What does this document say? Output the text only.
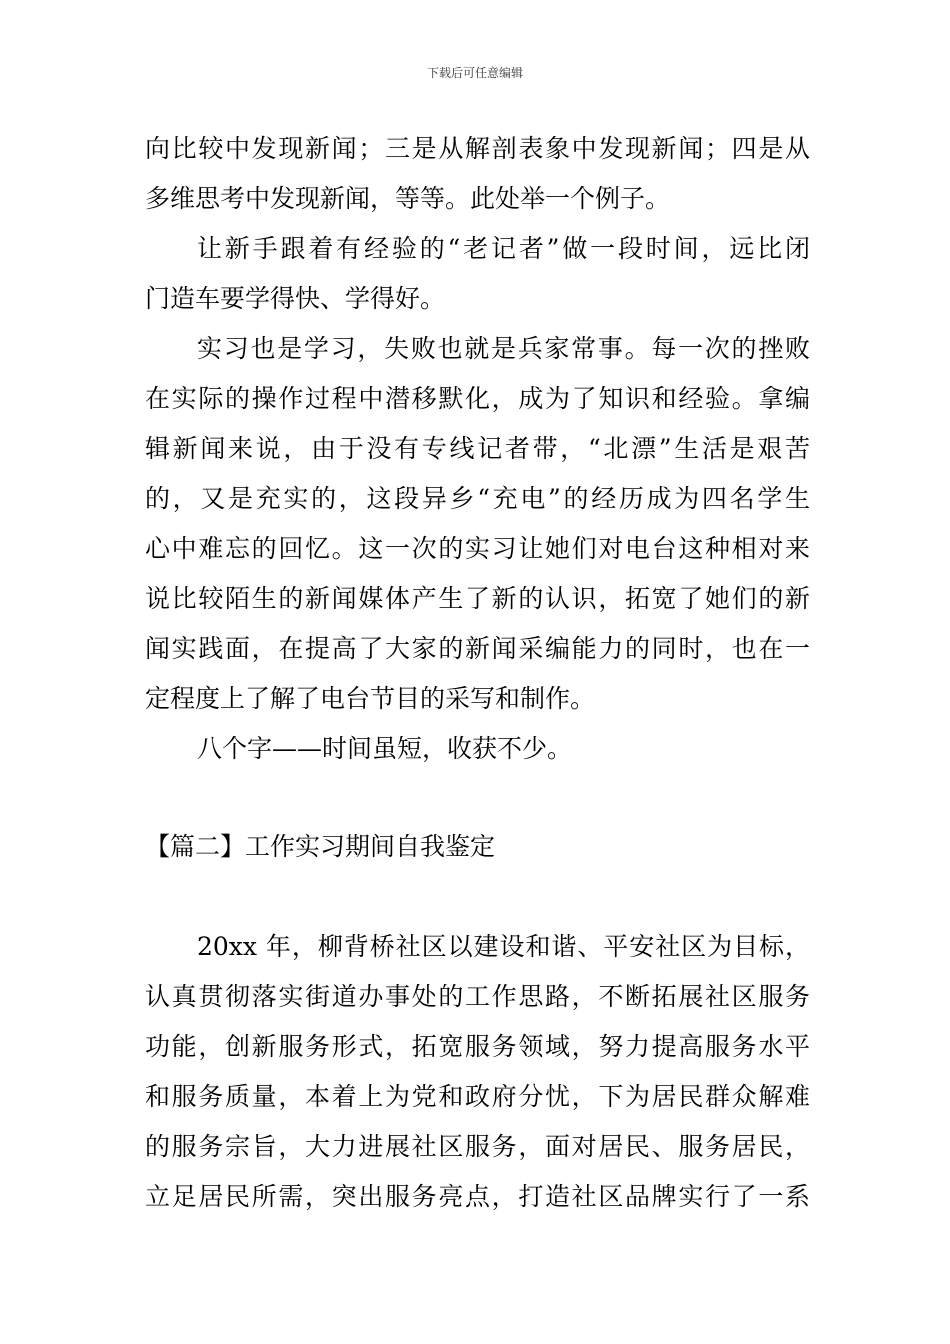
下载后可任意编辑
向比较中发现新闻；三是从解剖表象中发现新闻；四是从
多维思考中发现新闻，等等。此处举一个例子。
让新手跟着有经验的“老记者”做一段时间，远比闭
门造车要学得快、学得好。
实习也是学习，失败也就是兵家常事。每一次的挫败
在实际的操作过程中潜移默化，成为了知识和经验。拿编
辑新闻来说，由于没有专线记者带，“北漂”生活是艰苦
的，又是充实的，这段异乡“充电”的经历成为四名学生
心中难忘的回忆。这一次的实习让她们对电台这种相对来
说比较陌生的新闻媒体产生了新的认识，拓宽了她们的新
闻实践面，在提高了大家的新闻采编能力的同时，也在一
定程度上了解了电台节目的采写和制作。
八个字——时间虽短，收获不少。
【篇二】工作实习期间自我鉴定
20xx 年，柳背桥社区以建设和谐、平安社区为目标，
认真贯彻落实街道办事处的工作思路，不断拓展社区服务
功能，创新服务形式，拓宽服务领域，努力提高服务水平
和服务质量，本着上为党和政府分忧，下为居民群众解难
的服务宗旨，大力进展社区服务，面对居民、服务居民，
立足居民所需，突出服务亮点，打造社区品牌实行了一系
